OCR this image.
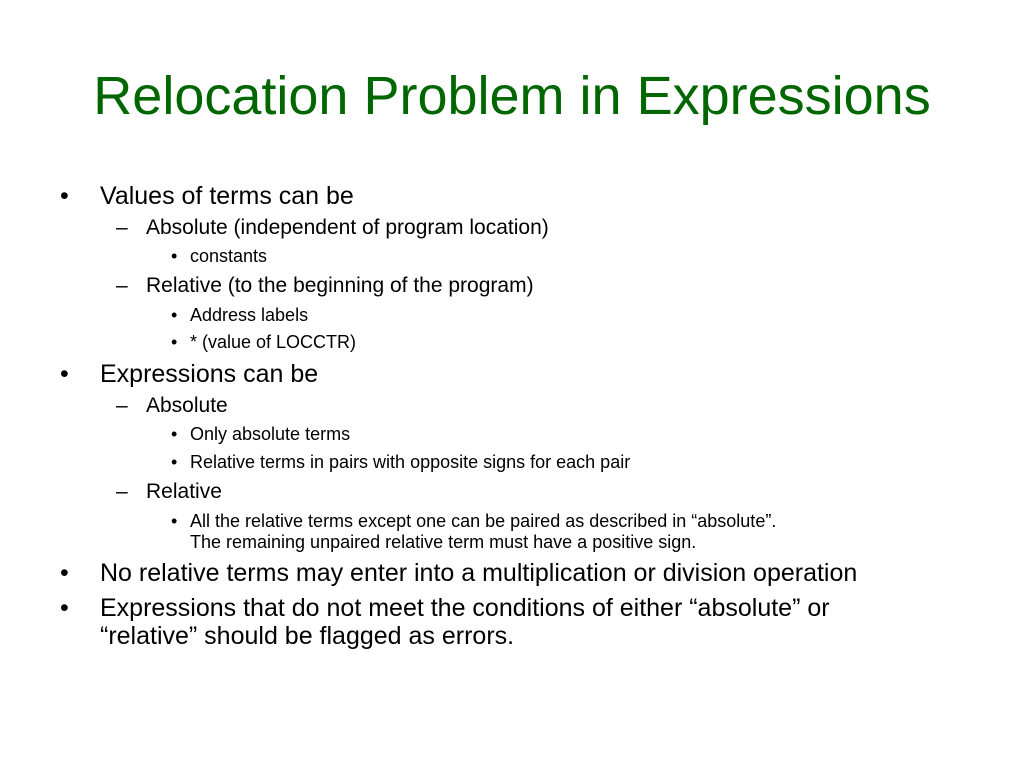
Relocation Problem in Expressions
• Values of terms can be
– Absolute (independent of program location)
• constants
– Relative (to the beginning of the program)
• Address labels
• * (value of LOCCTR)
• Expressions can be
– Absolute
• Only absolute terms
• Relative terms in pairs with opposite signs for each pair
– Relative
• All the relative terms except one can be paired as described in “absolute”.
The remaining unpaired relative term must have a positive sign.
• No relative terms may enter into a multiplication or division operation
• Expressions that do not meet the conditions of either “absolute” or
“relative” should be flagged as errors.
